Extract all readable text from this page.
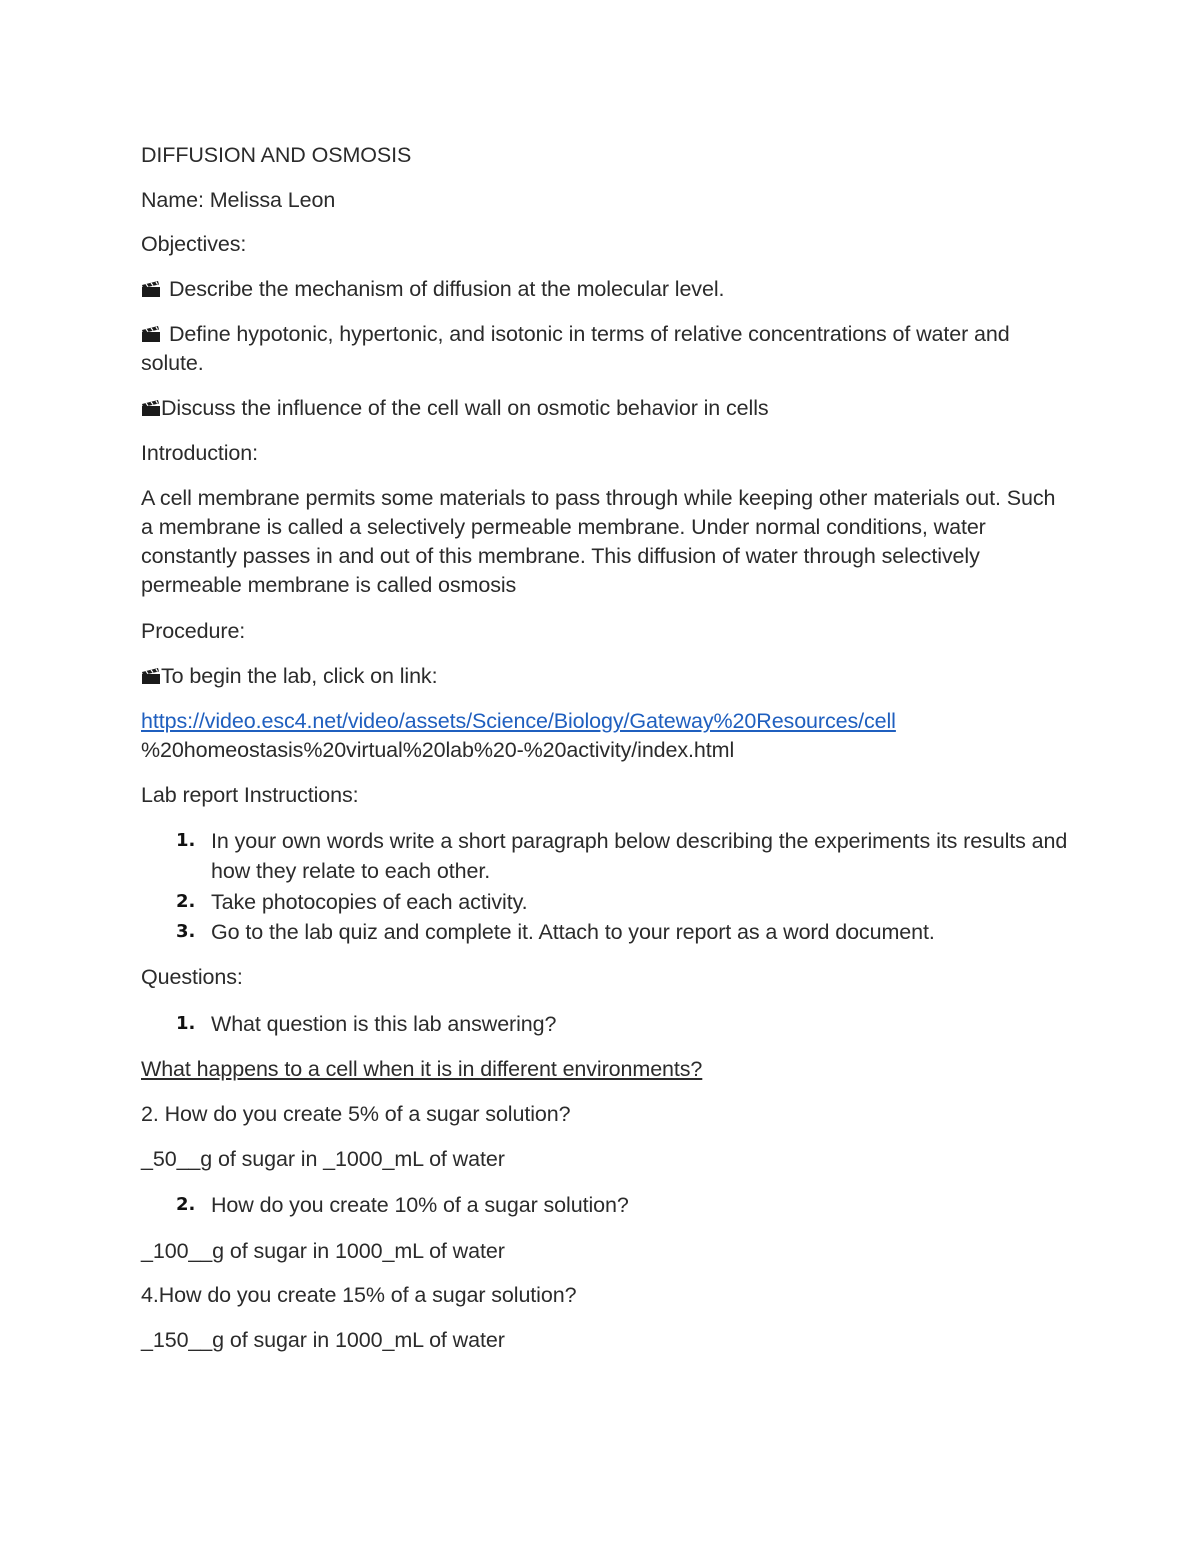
DIFFUSION AND OSMOSIS
Name: Melissa Leon
Objectives:
Describe the mechanism of diffusion at the molecular level.
Define hypotonic, hypertonic, and isotonic in terms of relative concentrations of water and solute.
Discuss the influence of the cell wall on osmotic behavior in cells
Introduction:
A cell membrane permits some materials to pass through while keeping other materials out. Such a membrane is called a selectively permeable membrane. Under normal conditions, water constantly passes in and out of this membrane. This diffusion of water through selectively permeable membrane is called osmosis
Procedure:
To begin the lab, click on link:
https://video.esc4.net/video/assets/Science/Biology/Gateway%20Resources/cell
%20homeostasis%20virtual%20lab%20-%20activity/index.html
Lab report Instructions:
1. In your own words write a short paragraph below describing the experiments its results and how they relate to each other.
2. Take photocopies of each activity.
3. Go to the lab quiz and complete it. Attach to your report as a word document.
Questions:
1. What question is this lab answering?
What happens to a cell when it is in different environments?
2. How do you create 5% of a sugar solution?
_50__g of sugar in _1000_mL of water
2. How do you create 10% of a sugar solution?
_100__g of sugar in 1000_mL of water
4.How do you create 15% of a sugar solution?
_150__g of sugar in 1000_mL of water
